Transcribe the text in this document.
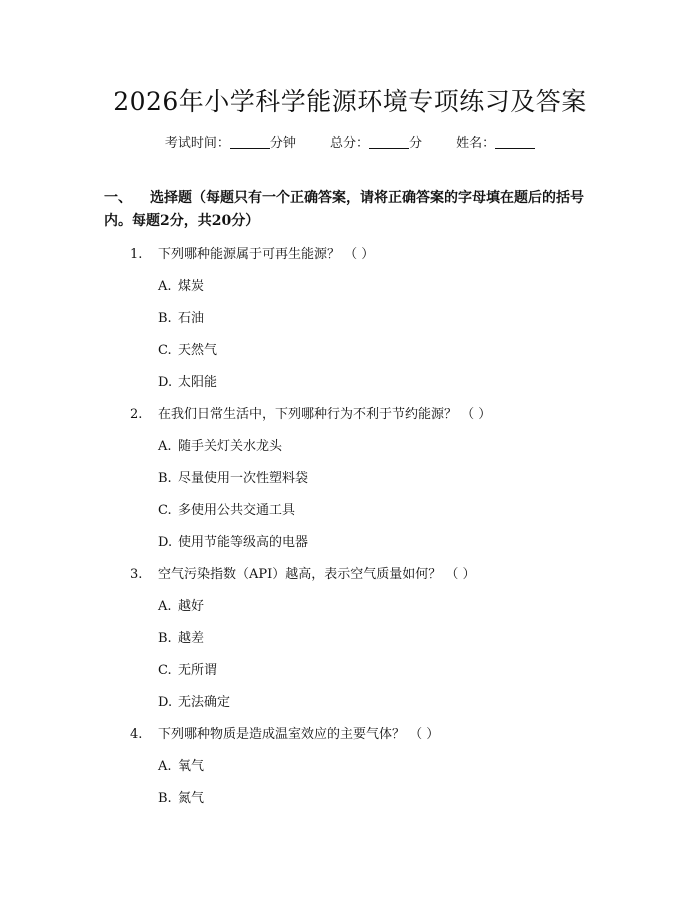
2026年小学科学能源环境专项练习及答案
考试时间：	分钟	总分：	分	姓名：
一、 选择题（每题只有一个正确答案，请将正确答案的字母填在题后的括号内。每题2分，共20分）
1. 下列哪种能源属于可再生能源？ （ ）
A. 煤炭
B. 石油
C. 天然气
D. 太阳能
2. 在我们日常生活中，下列哪种行为不利于节约能源？ （ ）
A. 随手关灯关水龙头
B. 尽量使用一次性塑料袋
C. 多使用公共交通工具
D. 使用节能等级高的电器
3. 空气污染指数（API）越高，表示空气质量如何？ （ ）
A. 越好
B. 越差
C. 无所谓
D. 无法确定
4. 下列哪种物质是造成温室效应的主要气体？ （ ）
A. 氧气
B. 氮气
